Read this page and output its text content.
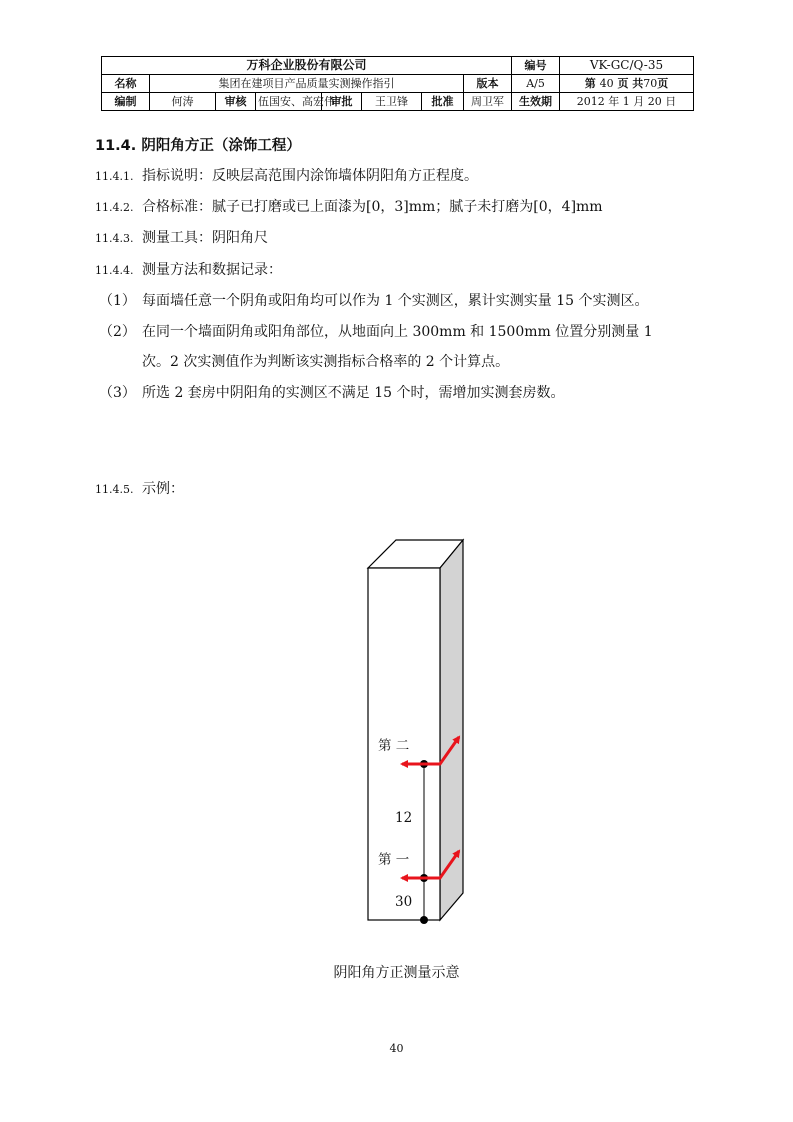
万科企业股份有限公司								编号	VK-GC/Q-35
名称	集团在建项目产品质量实测操作指引						版本	A/5	第 40 页 共70页
编制	何涛	审核	伍国安、高宏伟	审批	王卫锋	批准	周卫军	生效期	2012 年 1 月 20 日
11.4. 阴阳角方正（涂饰工程）
11.4.1. 指标说明：反映层高范围内涂饰墙体阴阳角方正程度。
11.4.2. 合格标准：腻子已打磨或已上面漆为[0，3]mm；腻子未打磨为[0，4]mm
11.4.3. 测量工具：阴阳角尺
11.4.4. 测量方法和数据记录：
（1） 每面墙任意一个阴角或阳角均可以作为 1 个实测区，累计实测实量 15 个实测区。
（2） 在同一个墙面阴角或阳角部位，从地面向上 300mm 和 1500mm 位置分别测量 1
次。2 次实测值作为判断该实测指标合格率的 2 个计算点。
（3） 所选 2 套房中阴阳角的实测区不满足 15 个时，需增加实测套房数。
11.4.5. 示例：
第 二
12
第 一
30
阴阳角方正测量示意
40
